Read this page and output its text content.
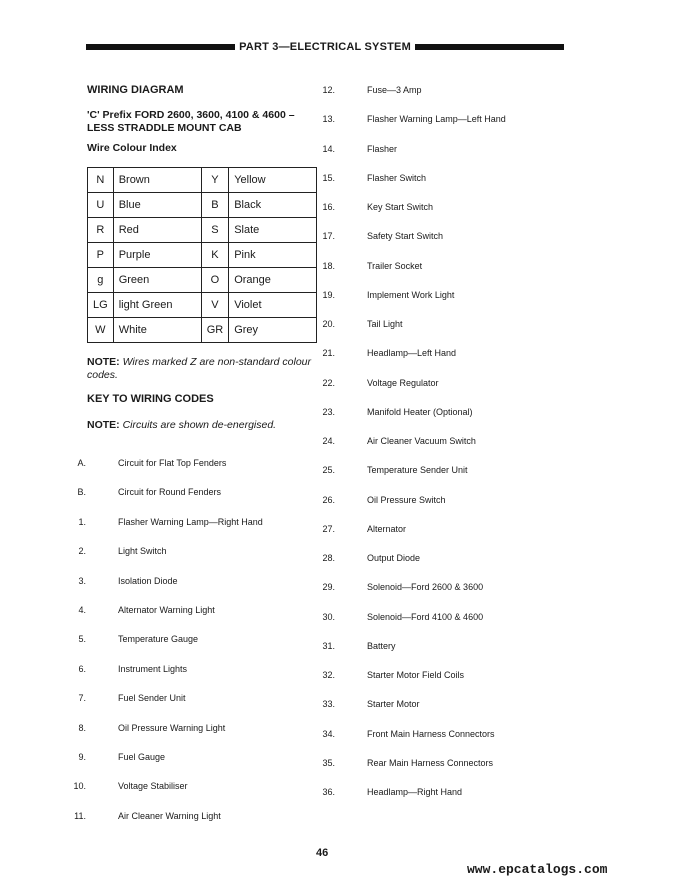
PART 3—ELECTRICAL SYSTEM
WIRING DIAGRAM
'C' Prefix FORD 2600, 3600, 4100 & 4600 –
LESS STRADDLE MOUNT CAB
Wire Colour Index
N	Brown	Y	Yellow
U	Blue	B	Black
R	Red	S	Slate
P	Purple	K	Pink
g	Green	O	Orange
LG	light Green	V	Violet
W	White	GR	Grey
NOTE: Wires marked Z are non-standard colour codes.
KEY TO WIRING CODES
NOTE: Circuits are shown de-energised.
A.	Circuit for Flat Top Fenders
B.	Circuit for Round Fenders
1.	Flasher Warning Lamp—Right Hand
2.	Light Switch
3.	Isolation Diode
4.	Alternator Warning Light
5.	Temperature Gauge
6.	Instrument Lights
7.	Fuel Sender Unit
8.	Oil Pressure Warning Light
9.	Fuel Gauge
10.	Voltage Stabiliser
11.	Air Cleaner Warning Light
12.	Fuse—3 Amp
13.	Flasher Warning Lamp—Left Hand
14.	Flasher
15.	Flasher Switch
16.	Key Start Switch
17.	Safety Start Switch
18.	Trailer Socket
19.	Implement Work Light
20.	Tail Light
21.	Headlamp—Left Hand
22.	Voltage Regulator
23.	Manifold Heater (Optional)
24.	Air Cleaner Vacuum Switch
25.	Temperature Sender Unit
26.	Oil Pressure Switch
27.	Alternator
28.	Output Diode
29.	Solenoid—Ford 2600 & 3600
30.	Solenoid—Ford 4100 & 4600
31.	Battery
32.	Starter Motor Field Coils
33.	Starter Motor
34.	Front Main Harness Connectors
35.	Rear Main Harness Connectors
36.	Headlamp—Right Hand
46
www.epcatalogs.com
